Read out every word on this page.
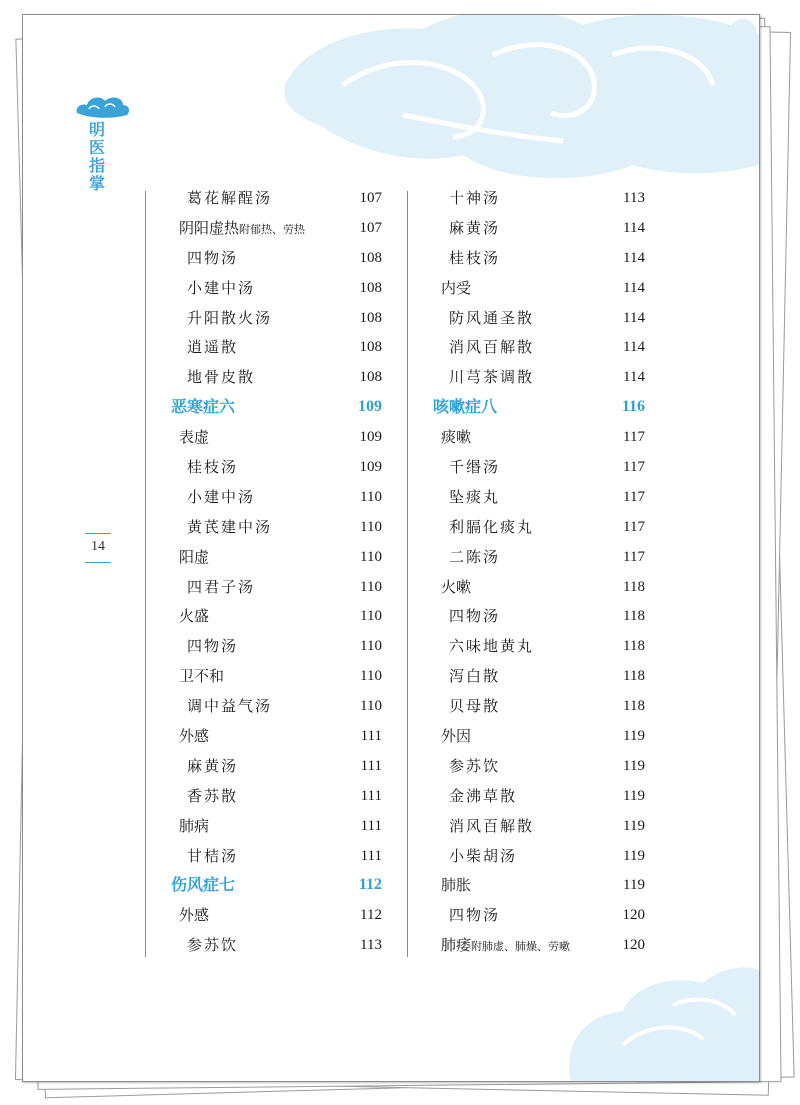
明医指掌
14
葛花解酲汤	107
阴阳虚热附郁热、劳热	107
四物汤	108
小建中汤	108
升阳散火汤	108
逍遥散	108
地骨皮散	108
恶寒症六	109
表虚	109
桂枝汤	109
小建中汤	110
黄芪建中汤	110
阳虚	110
四君子汤	110
火盛	110
四物汤	110
卫不和	110
调中益气汤	110
外感	111
麻黄汤	111
香苏散	111
肺病	111
甘桔汤	111
伤风症七	112
外感	112
参苏饮	113
十神汤	113
麻黄汤	114
桂枝汤	114
内受	114
防风通圣散	114
消风百解散	114
川芎茶调散	114
咳嗽症八	116
痰嗽	117
千缗汤	117
坠痰丸	117
利膈化痰丸	117
二陈汤	117
火嗽	118
四物汤	118
六味地黄丸	118
泻白散	118
贝母散	118
外因	119
参苏饮	119
金沸草散	119
消风百解散	119
小柴胡汤	119
肺胀	119
四物汤	120
肺痿附肺虚、肺燥、劳嗽	120
